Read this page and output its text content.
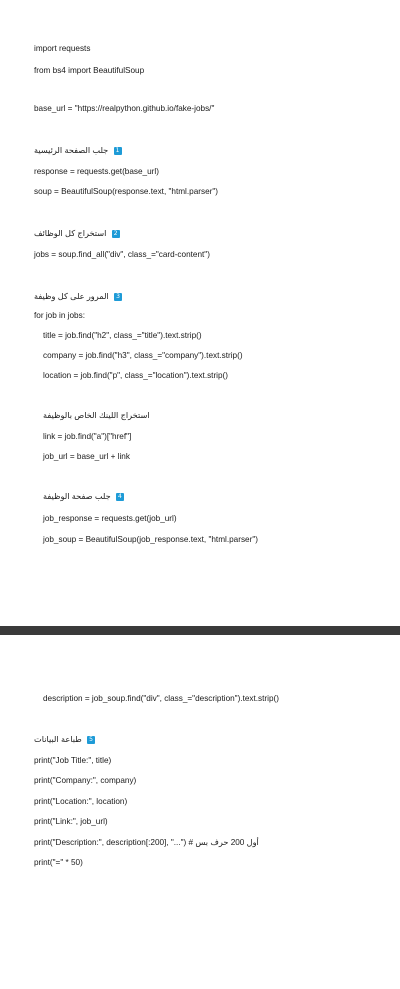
import requests
from bs4 import BeautifulSoup
base_url = "https://realpython.github.io/fake-jobs/"
جلب الصفحة الرئيسية 1
response = requests.get(base_url)
soup = BeautifulSoup(response.text, "html.parser")
استخراج كل الوظائف 2
jobs = soup.find_all("div", class_="card-content")
المرور على كل وظيفة 3
for job in jobs:
title = job.find("h2", class_="title").text.strip()
company = job.find("h3", class_="company").text.strip()
location = job.find("p", class_="location").text.strip()
استخراج اللينك الخاص بالوظيفة
link = job.find("a")["href"]
job_url = base_url + link
جلب صفحة الوظيفة 4
job_response = requests.get(job_url)
job_soup = BeautifulSoup(job_response.text, "html.parser")
description = job_soup.find("div", class_="description").text.strip()
طباعة البيانات 5
print("Job Title:", title)
print("Company:", company)
print("Location:", location)
print("Link:", job_url)
print("Description:", description[:200], "...") # أول 200 حرف بس
print("=" * 50)
